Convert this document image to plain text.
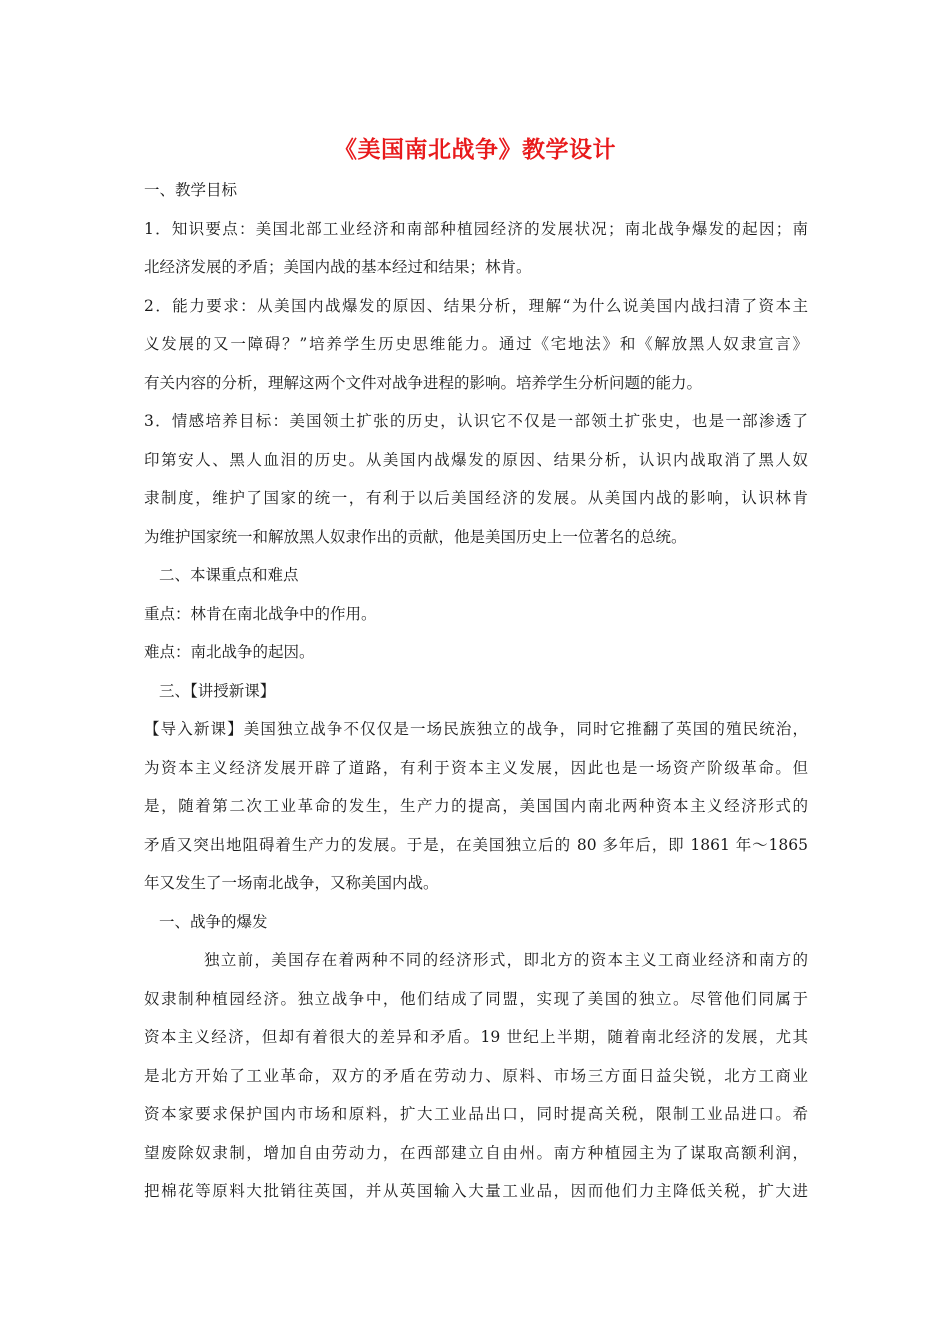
《美国南北战争》教学设计
一、教学目标
1．知识要点：美国北部工业经济和南部种植园经济的发展状况；南北战争爆发的起因；南
北经济发展的矛盾；美国内战的基本经过和结果；林肯。
2．能力要求：从美国内战爆发的原因、结果分析，理解“为什么说美国内战扫清了资本主
义发展的又一障碍？”培养学生历史思维能力。通过《宅地法》和《解放黑人奴隶宣言》
有关内容的分析，理解这两个文件对战争进程的影响。培养学生分析问题的能力。
3．情感培养目标：美国领土扩张的历史，认识它不仅是一部领土扩张史，也是一部渗透了
印第安人、黑人血泪的历史。从美国内战爆发的原因、结果分析，认识内战取消了黑人奴
隶制度，维护了国家的统一，有利于以后美国经济的发展。从美国内战的影响，认识林肯
为维护国家统一和解放黑人奴隶作出的贡献，他是美国历史上一位著名的总统。
二、本课重点和难点
重点：林肯在南北战争中的作用。
难点：南北战争的起因。
三、【讲授新课】
【导入新课】美国独立战争不仅仅是一场民族独立的战争，同时它推翻了英国的殖民统治，
为资本主义经济发展开辟了道路，有利于资本主义发展，因此也是一场资产阶级革命。但
是，随着第二次工业革命的发生，生产力的提高，美国国内南北两种资本主义经济形式的
矛盾又突出地阻碍着生产力的发展。于是，在美国独立后的 80 多年后，即 1861 年～1865
年又发生了一场南北战争，又称美国内战。
一、战争的爆发
独立前，美国存在着两种不同的经济形式，即北方的资本主义工商业经济和南方的
奴隶制种植园经济。独立战争中，他们结成了同盟，实现了美国的独立。尽管他们同属于
资本主义经济，但却有着很大的差异和矛盾。19 世纪上半期，随着南北经济的发展，尤其
是北方开始了工业革命，双方的矛盾在劳动力、原料、市场三方面日益尖锐，北方工商业
资本家要求保护国内市场和原料，扩大工业品出口，同时提高关税，限制工业品进口。希
望废除奴隶制，增加自由劳动力，在西部建立自由州。南方种植园主为了谋取高额利润，
把棉花等原料大批销往英国，并从英国输入大量工业品，因而他们力主降低关税，扩大进
